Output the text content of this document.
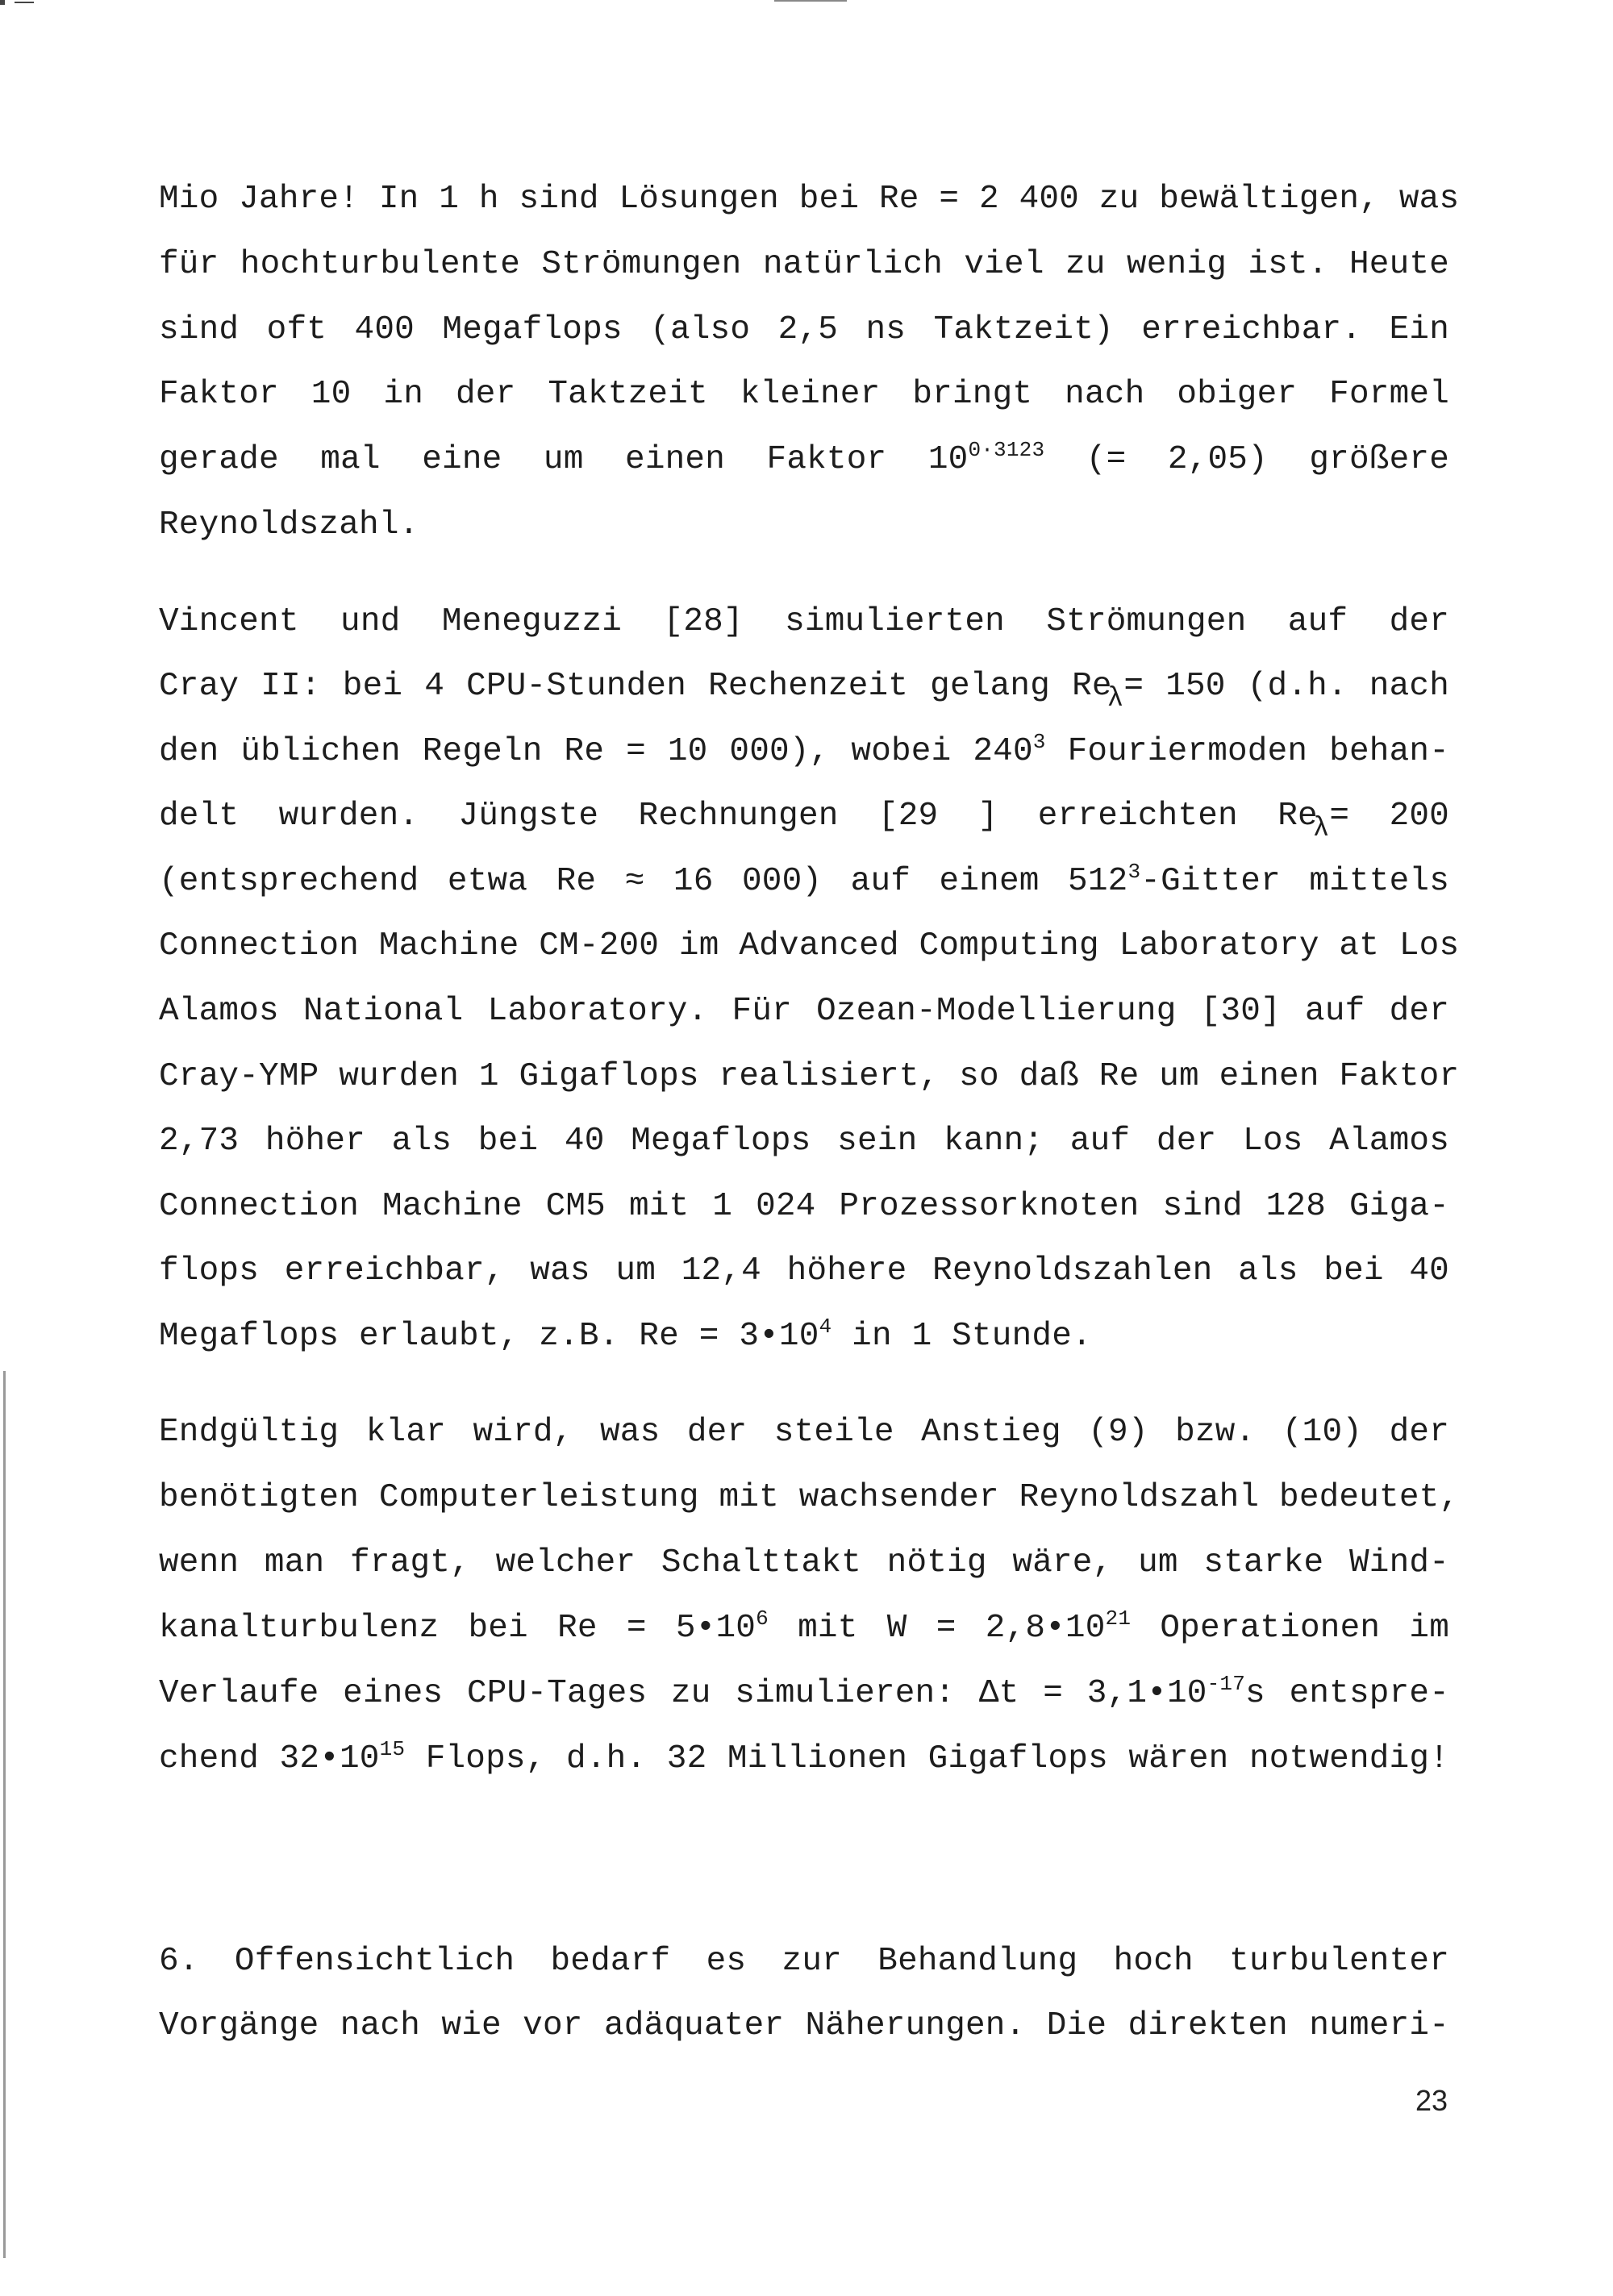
Mio Jahre! In 1 h sind Lösungen bei Re = 2 400 zu bewältigen, was
für hochturbulente Strömungen natürlich viel zu wenig ist. Heute
sind oft 400 Megaflops (also 2,5 ns Taktzeit) erreichbar. Ein
Faktor 10 in der Taktzeit kleiner bringt nach obiger Formel
gerade mal eine um einen Faktor $10^{0\cdot 3123}$ (= 2,05) größere
Reynoldszahl.
Vincent und Meneguzzi [28] simulierten Strömungen auf der
Cray II: bei 4 CPU-Stunden Rechenzeit gelang $Re_\lambda= 150$ (d.h. nach
den üblichen Regeln Re = 10 000), wobei $240^3$ Fouriermoden behan-
delt wurden. Jüngste Rechnungen [29 ] erreichten $Re_\lambda= 200$
(entsprechend etwa Re ≈ 16 000) auf einem $512^3$-Gitter mittels
Connection Machine CM-200 im Advanced Computing Laboratory at Los
Alamos National Laboratory. Für Ozean-Modellierung [30] auf der
Cray-YMP wurden 1 Gigaflops realisiert, so daß Re um einen Faktor
2,73 höher als bei 40 Megaflops sein kann; auf der Los Alamos
Connection Machine CM5 mit 1 024 Prozessorknoten sind 128 Giga-
flops erreichbar, was um 12,4 höhere Reynoldszahlen als bei 40
Megaflops erlaubt, z.B. $Re = 3•10^4$ in 1 Stunde.
Endgültig klar wird, was der steile Anstieg (9) bzw. (10) der
benötigten Computerleistung mit wachsender Reynoldszahl bedeutet,
wenn man fragt, welcher Schalttakt nötig wäre, um starke Wind-
kanalturbulenz bei $Re = 5•10^6$ mit $W = 2,8•10^{21}$ Operationen im
Verlaufe eines CPU-Tages zu simulieren: $\Delta t = 3,1•10^{-17}s$ entspre-
chend $32•10^{15}$ Flops, d.h. 32 Millionen Gigaflops wären notwendig!
6. Offensichtlich bedarf es zur Behandlung hoch turbulenter
Vorgänge nach wie vor adäquater Näherungen. Die direkten numeri-
23
